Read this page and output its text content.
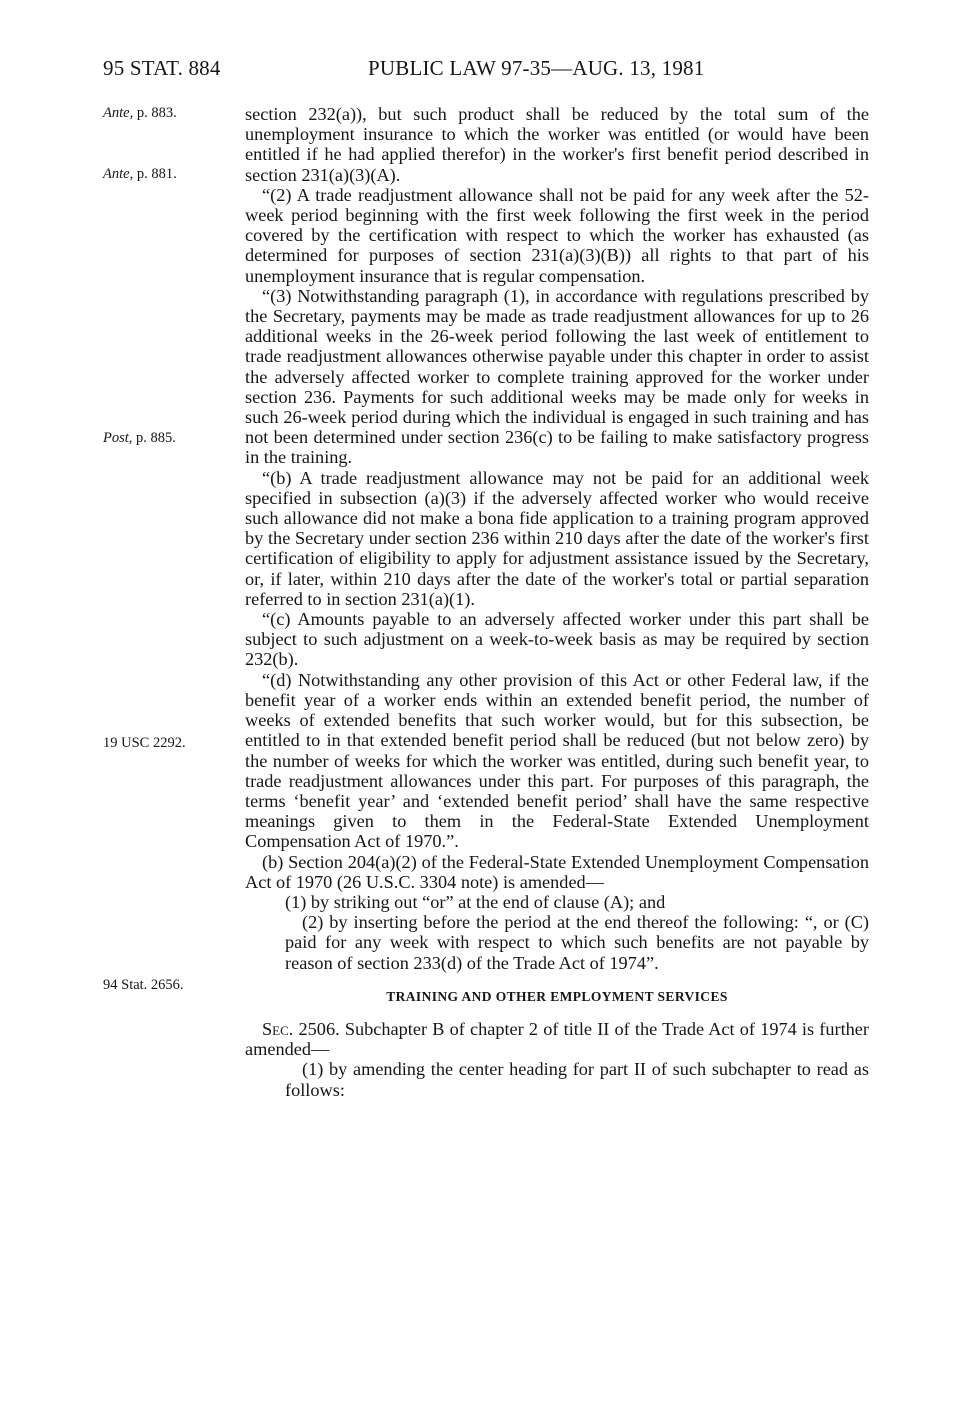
95 STAT. 884	PUBLIC LAW 97-35—AUG. 13, 1981
Ante, p. 883.
Ante, p. 881.
Post, p. 885.
19 USC 2292.
94 Stat. 2656.

section 232(a)), but such product shall be reduced by the total sum of the unemployment insurance to which the worker was entitled (or would have been entitled if he had applied therefor) in the worker's first benefit period described in section 231(a)(3)(A).

“(2) A trade readjustment allowance shall not be paid for any week after the 52-week period beginning with the first week following the first week in the period covered by the certification with respect to which the worker has exhausted (as determined for purposes of section 231(a)(3)(B)) all rights to that part of his unemployment insurance that is regular compensation.

“(3) Notwithstanding paragraph (1), in accordance with regulations prescribed by the Secretary, payments may be made as trade readjustment allowances for up to 26 additional weeks in the 26-week period following the last week of entitlement to trade readjustment allowances otherwise payable under this chapter in order to assist the adversely affected worker to complete training approved for the worker under section 236. Payments for such additional weeks may be made only for weeks in such 26-week period during which the individual is engaged in such training and has not been determined under section 236(c) to be failing to make satisfactory progress in the training.

“(b) A trade readjustment allowance may not be paid for an additional week specified in subsection (a)(3) if the adversely affected worker who would receive such allowance did not make a bona fide application to a training program approved by the Secretary under section 236 within 210 days after the date of the worker's first certification of eligibility to apply for adjustment assistance issued by the Secretary, or, if later, within 210 days after the date of the worker's total or partial separation referred to in section 231(a)(1).

“(c) Amounts payable to an adversely affected worker under this part shall be subject to such adjustment on a week-to-week basis as may be required by section 232(b).

“(d) Notwithstanding any other provision of this Act or other Federal law, if the benefit year of a worker ends within an extended benefit period, the number of weeks of extended benefits that such worker would, but for this subsection, be entitled to in that extended benefit period shall be reduced (but not below zero) by the number of weeks for which the worker was entitled, during such benefit year, to trade readjustment allowances under this part. For purposes of this paragraph, the terms ‘benefit year’ and ‘extended benefit period’ shall have the same respective meanings given to them in the Federal-State Extended Unemployment Compensation Act of 1970.”.

(b) Section 204(a)(2) of the Federal-State Extended Unemployment Compensation Act of 1970 (26 U.S.C. 3304 note) is amended—

(1) by striking out “or” at the end of clause (A); and

(2) by inserting before the period at the end thereof the following: “, or (C) paid for any week with respect to which such benefits are not payable by reason of section 233(d) of the Trade Act of 1974”.

TRAINING AND OTHER EMPLOYMENT SERVICES

Sec. 2506. Subchapter B of chapter 2 of title II of the Trade Act of 1974 is further amended—

(1) by amending the center heading for part II of such subchapter to read as follows:
